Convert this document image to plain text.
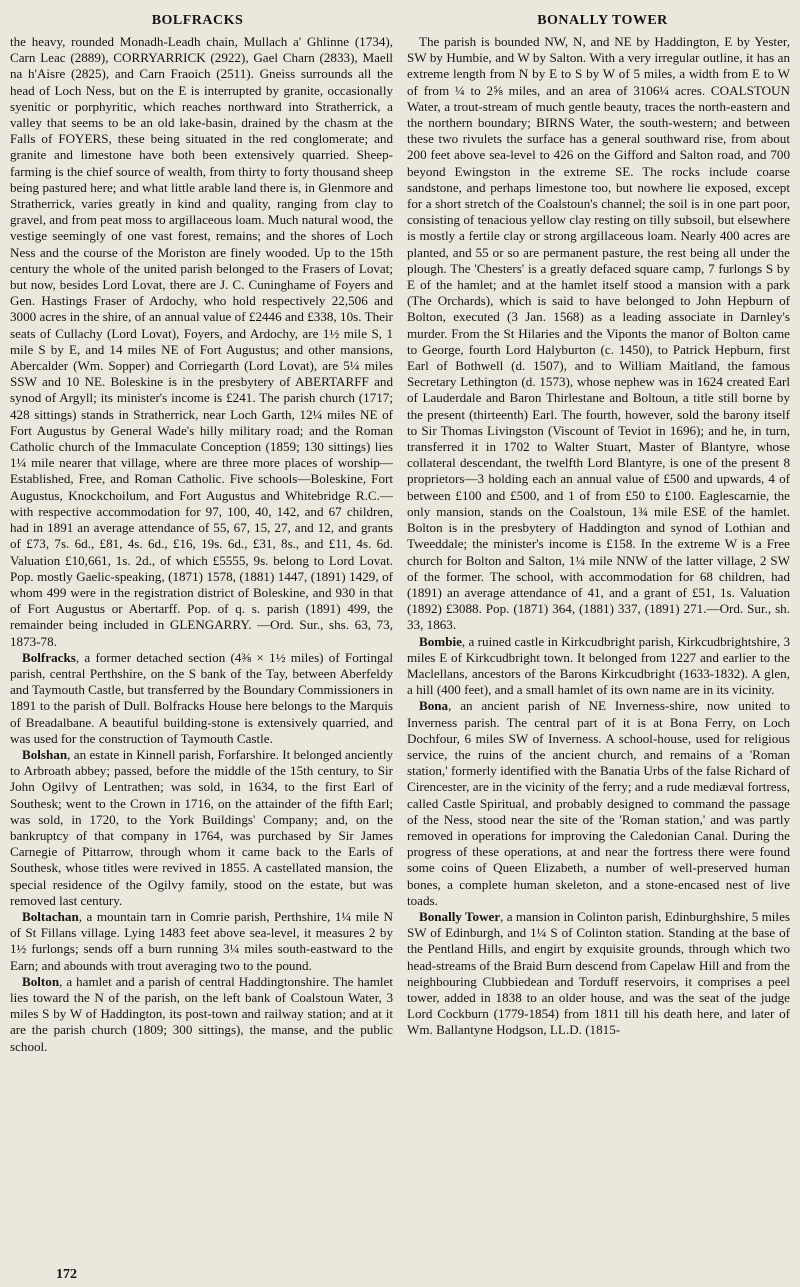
BOLFRACKS	BONALLY TOWER

the heavy, rounded Monadh-Leadh chain, Mullach a' Ghlinne (1734), Carn Leac (2889), CORRYARRICK (2922), Gael Charn (2833), Maell na h'Aisre (2825), and Carn Fraoich (2511). Gneiss surrounds all the head of Loch Ness, but on the E is interrupted by granite, occasionally syenitic or porphyritic, which reaches northward into Stratherrick, a valley that seems to be an old lake-basin, drained by the chasm at the Falls of FOYERS, these being situated in the red conglomerate; and granite and limestone have both been extensively quarried. Sheep-farming is the chief source of wealth, from thirty to forty thousand sheep being pastured here; and what little arable land there is, in Glenmore and Stratherrick, varies greatly in kind and quality, ranging from clay to gravel, and from peat moss to argillaceous loam. Much natural wood, the vestige seemingly of one vast forest, remains; and the shores of Loch Ness and the course of the Moriston are finely wooded. Up to the 15th century the whole of the united parish belonged to the Frasers of Lovat; but now, besides Lord Lovat, there are J. C. Cuninghame of Foyers and Gen. Hastings Fraser of Ardochy, who hold respectively 22,506 and 3000 acres in the shire, of an annual value of £2446 and £338, 10s. Their seats of Cullachy (Lord Lovat), Foyers, and Ardochy, are 1½ mile S, 1 mile S by E, and 14 miles NE of Fort Augustus; and other mansions, Abercalder (Wm. Sopper) and Corriegarth (Lord Lovat), are 5¼ miles SSW and 10 NE. Boleskine is in the presbytery of ABERTARFF and synod of Argyll; its minister's income is £241. The parish church (1717; 428 sittings) stands in Stratherrick, near Loch Garth, 12¼ miles NE of Fort Augustus by General Wade's hilly military road; and the Roman Catholic church of the Immaculate Conception (1859; 130 sittings) lies 1¼ mile nearer that village, where are three more places of worship—Established, Free, and Roman Catholic. Five schools—Boleskine, Fort Augustus, Knockchoilum, and Fort Augustus and Whitebridge R.C.—with respective accommodation for 97, 100, 40, 142, and 67 children, had in 1891 an average attendance of 55, 67, 15, 27, and 12, and grants of £73, 7s. 6d., £81, 4s. 6d., £16, 19s. 6d., £31, 8s., and £11, 4s. 6d. Valuation £10,661, 1s. 2d., of which £5555, 9s. belong to Lord Lovat. Pop. mostly Gaelic-speaking, (1871) 1578, (1881) 1447, (1891) 1429, of whom 499 were in the registration district of Boleskine, and 930 in that of Fort Augustus or Abertarff. Pop. of q. s. parish (1891) 499, the remainder being included in GLENGARRY. —Ord. Sur., shs. 63, 73, 1873-78.

Bolfracks, a former detached section (4⅜ × 1½ miles) of Fortingal parish, central Perthshire, on the S bank of the Tay, between Aberfeldy and Taymouth Castle, but transferred by the Boundary Commissioners in 1891 to the parish of Dull. Bolfracks House here belongs to the Marquis of Breadalbane. A beautiful building-stone is extensively quarried, and was used for the construction of Taymouth Castle.

Bolshan, an estate in Kinnell parish, Forfarshire. It belonged anciently to Arbroath abbey; passed, before the middle of the 15th century, to Sir John Ogilvy of Lentrathen; was sold, in 1634, to the first Earl of Southesk; went to the Crown in 1716, on the attainder of the fifth Earl; was sold, in 1720, to the York Buildings' Company; and, on the bankruptcy of that company in 1764, was purchased by Sir James Carnegie of Pittarrow, through whom it came back to the Earls of Southesk, whose titles were revived in 1855. A castellated mansion, the special residence of the Ogilvy family, stood on the estate, but was removed last century.

Boltachan, a mountain tarn in Comrie parish, Perthshire, 1¼ mile N of St Fillans village. Lying 1483 feet above sea-level, it measures 2 by 1½ furlongs; sends off a burn running 3¼ miles south-eastward to the Earn; and abounds with trout averaging two to the pound.

Bolton, a hamlet and a parish of central Haddingtonshire. The hamlet lies toward the N of the parish, on the left bank of Coalstoun Water, 3 miles S by W of Haddington, its post-town and railway station; and at it are the parish church (1809; 300 sittings), the manse, and the public school.

The parish is bounded NW, N, and NE by Haddington, E by Yester, SW by Humbie, and W by Salton. With a very irregular outline, it has an extreme length from N by E to S by W of 5 miles, a width from E to W of from ¼ to 2⅝ miles, and an area of 3106¼ acres. COALSTOUN Water, a trout-stream of much gentle beauty, traces the north-eastern and the northern boundary; BIRNS Water, the south-western; and between these two rivulets the surface has a general southward rise, from about 200 feet above sea-level to 426 on the Gifford and Salton road, and 700 beyond Ewingston in the extreme SE. The rocks include coarse sandstone, and perhaps limestone too, but nowhere lie exposed, except for a short stretch of the Coalstoun's channel; the soil is in one part poor, consisting of tenacious yellow clay resting on tilly subsoil, but elsewhere is mostly a fertile clay or strong argillaceous loam. Nearly 400 acres are planted, and 55 or so are permanent pasture, the rest being all under the plough. The 'Chesters' is a greatly defaced square camp, 7 furlongs S by E of the hamlet; and at the hamlet itself stood a mansion with a park (The Orchards), which is said to have belonged to John Hepburn of Bolton, executed (3 Jan. 1568) as a leading associate in Darnley's murder. From the St Hilaries and the Viponts the manor of Bolton came to George, fourth Lord Halyburton (c. 1450), to Patrick Hepburn, first Earl of Bothwell (d. 1507), and to William Maitland, the famous Secretary Lethington (d. 1573), whose nephew was in 1624 created Earl of Lauderdale and Baron Thirlestane and Boltoun, a title still borne by the present (thirteenth) Earl. The fourth, however, sold the barony itself to Sir Thomas Livingston (Viscount of Teviot in 1696); and he, in turn, transferred it in 1702 to Walter Stuart, Master of Blantyre, whose collateral descendant, the twelfth Lord Blantyre, is one of the present 8 proprietors—3 holding each an annual value of £500 and upwards, 4 of between £100 and £500, and 1 of from £50 to £100. Eaglescarnie, the only mansion, stands on the Coalstoun, 1¾ mile ESE of the hamlet. Bolton is in the presbytery of Haddington and synod of Lothian and Tweeddale; the minister's income is £158. In the extreme W is a Free church for Bolton and Salton, 1¼ mile NNW of the latter village, 2 SW of the former. The school, with accommodation for 68 children, had (1891) an average attendance of 41, and a grant of £51, 1s. Valuation (1892) £3088. Pop. (1871) 364, (1881) 337, (1891) 271.—Ord. Sur., sh. 33, 1863.

Bombie, a ruined castle in Kirkcudbright parish, Kirkcudbrightshire, 3 miles E of Kirkcudbright town. It belonged from 1227 and earlier to the Maclellans, ancestors of the Barons Kirkcudbright (1633-1832). A glen, a hill (400 feet), and a small hamlet of its own name are in its vicinity.

Bona, an ancient parish of NE Inverness-shire, now united to Inverness parish. The central part of it is at Bona Ferry, on Loch Dochfour, 6 miles SW of Inverness. A school-house, used for religious service, the ruins of the ancient church, and remains of a 'Roman station,' formerly identified with the Banatia Urbs of the false Richard of Cirencester, are in the vicinity of the ferry; and a rude mediæval fortress, called Castle Spiritual, and probably designed to command the passage of the Ness, stood near the site of the 'Roman station,' and was partly removed in operations for improving the Caledonian Canal. During the progress of these operations, at and near the fortress there were found some coins of Queen Elizabeth, a number of well-preserved human bones, a complete human skeleton, and a stone-encased nest of live toads.

Bonally Tower, a mansion in Colinton parish, Edinburghshire, 5 miles SW of Edinburgh, and 1¼ S of Colinton station. Standing at the base of the Pentland Hills, and engirt by exquisite grounds, through which two head-streams of the Braid Burn descend from Capelaw Hill and from the neighbouring Clubbiedean and Torduff reservoirs, it comprises a peel tower, added in 1838 to an older house, and was the seat of the judge Lord Cockburn (1779-1854) from 1811 till his death here, and later of Wm. Ballantyne Hodgson, LL.D. (1815-

172
